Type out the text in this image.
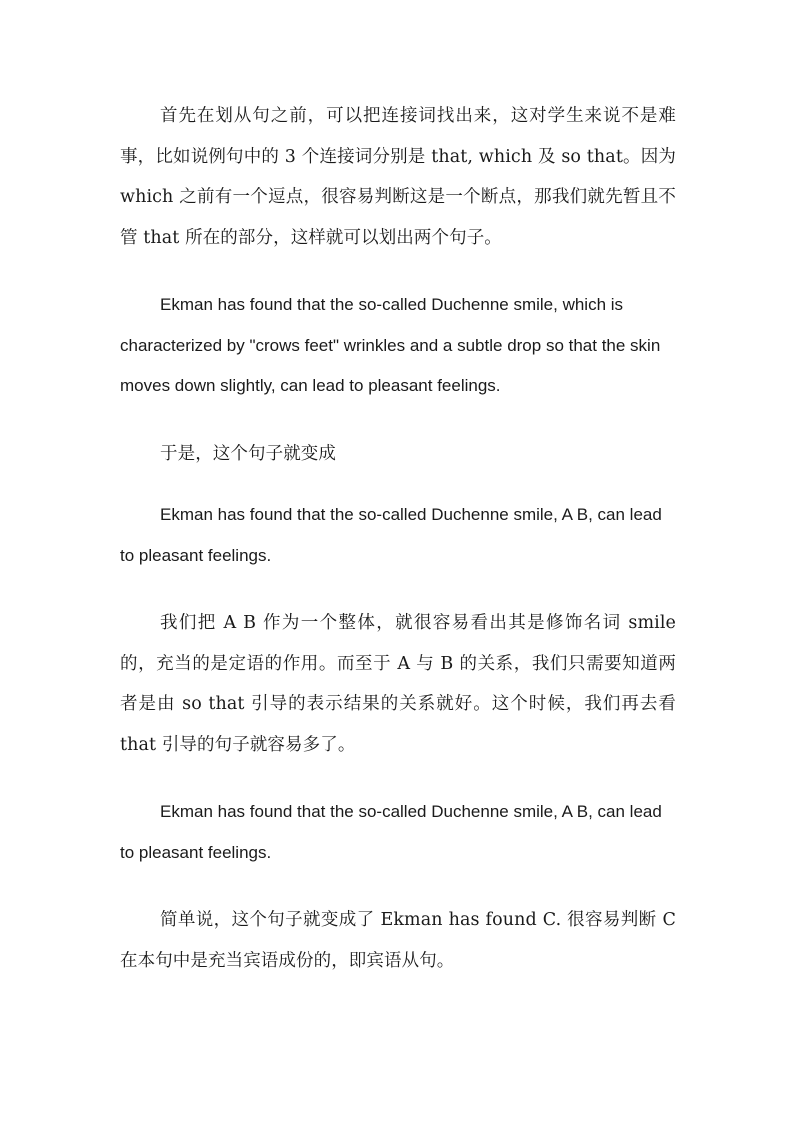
首先在划从句之前，可以把连接词找出来，这对学生来说不是难事，比如说例句中的 3 个连接词分别是 that, which 及 so that。因为 which 之前有一个逗点，很容易判断这是一个断点，那我们就先暂且不管 that 所在的部分，这样就可以划出两个句子。

Ekman has found that the so-called Duchenne smile, which is characterized by "crows feet" wrinkles and a subtle drop so that the skin moves down slightly, can lead to pleasant feelings.

于是，这个句子就变成

Ekman has found that the so-called Duchenne smile, A B, can lead to pleasant feelings.

我们把 A B 作为一个整体，就很容易看出其是修饰名词 smile 的，充当的是定语的作用。而至于 A 与 B 的关系，我们只需要知道两者是由 so that 引导的表示结果的关系就好。这个时候，我们再去看 that 引导的句子就容易多了。

Ekman has found that the so-called Duchenne smile, A B, can lead to pleasant feelings.

简单说，这个句子就变成了 Ekman has found C. 很容易判断 C 在本句中是充当宾语成份的，即宾语从句。
